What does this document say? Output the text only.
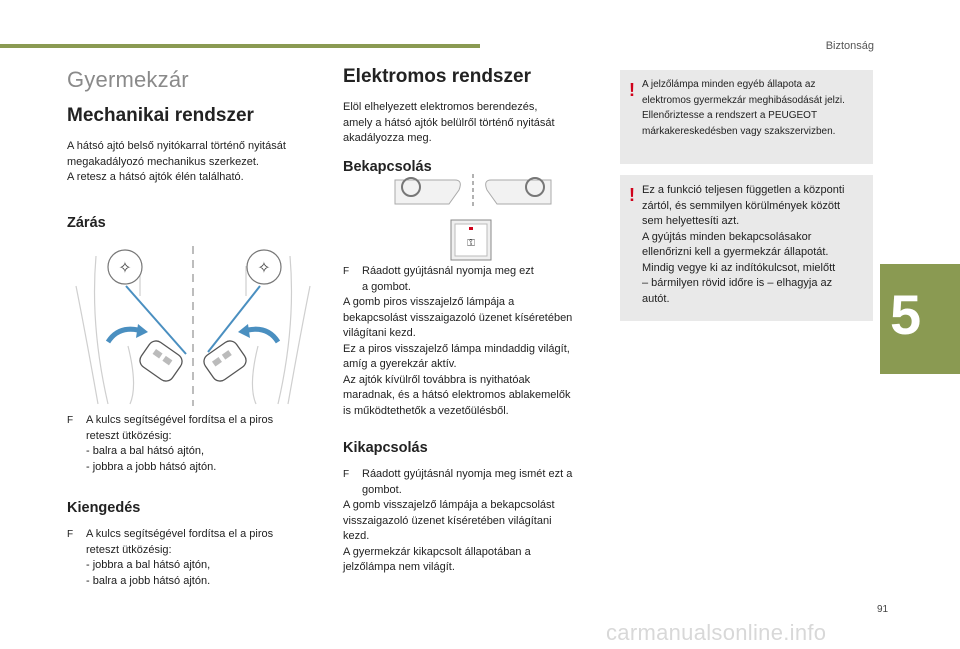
Biztonság
Gyermekzár
Mechanikai rendszer
A hátsó ajtó belső nyitókarral történő nyitását
megakadályozó mechanikus szerkezet.
A retesz a hátsó ajtók élén található.
Zárás
✧	✧
F A kulcs segítségével fordítsa el a piros
reteszt ütközésig:
- balra a bal hátsó ajtón,
- jobbra a jobb hátsó ajtón.
Kiengedés
F A kulcs segítségével fordítsa el a piros
reteszt ütközésig:
- jobbra a bal hátsó ajtón,
- balra a jobb hátsó ajtón.
Elektromos rendszer
Elöl elhelyezett elektromos berendezés,
amely a hátsó ajtók belülről történő nyitását
akadályozza meg.
Bekapcsolás
⚿
F Ráadott gyújtásnál nyomja meg ezt
a gombot.
A gomb piros visszajelző lámpája a
bekapcsolást visszaigazoló üzenet kíséretében
világítani kezd.
Ez a piros visszajelző lámpa mindaddig világít,
amíg a gyerekzár aktív.
Az ajtók kívülről továbbra is nyithatóak
maradnak, és a hátsó elektromos ablakemelők
is működtethetők a vezetőülésből.
Kikapcsolás
F Ráadott gyújtásnál nyomja meg ismét ezt a
gombot.
A gomb visszajelző lámpája a bekapcsolást
visszaigazoló üzenet kíséretében világítani
kezd.
A gyermekzár kikapcsolt állapotában a
jelzőlámpa nem világít.
! A jelzőlámpa minden egyéb állapota az
elektromos gyermekzár meghibásodását jelzi.
Ellenőriztesse a rendszert a PEUGEOT
márkakereskedésben vagy szakszervizben.
! Ez a funkció teljesen független a központi
zártól, és semmilyen körülmények között
sem helyettesíti azt.
A gyújtás minden bekapcsolásakor
ellenőrizni kell a gyermekzár állapotát.
Mindig vegye ki az indítókulcsot, mielőtt
– bármilyen rövid időre is – elhagyja az
autót.	5
91
carmanualsonline.info
